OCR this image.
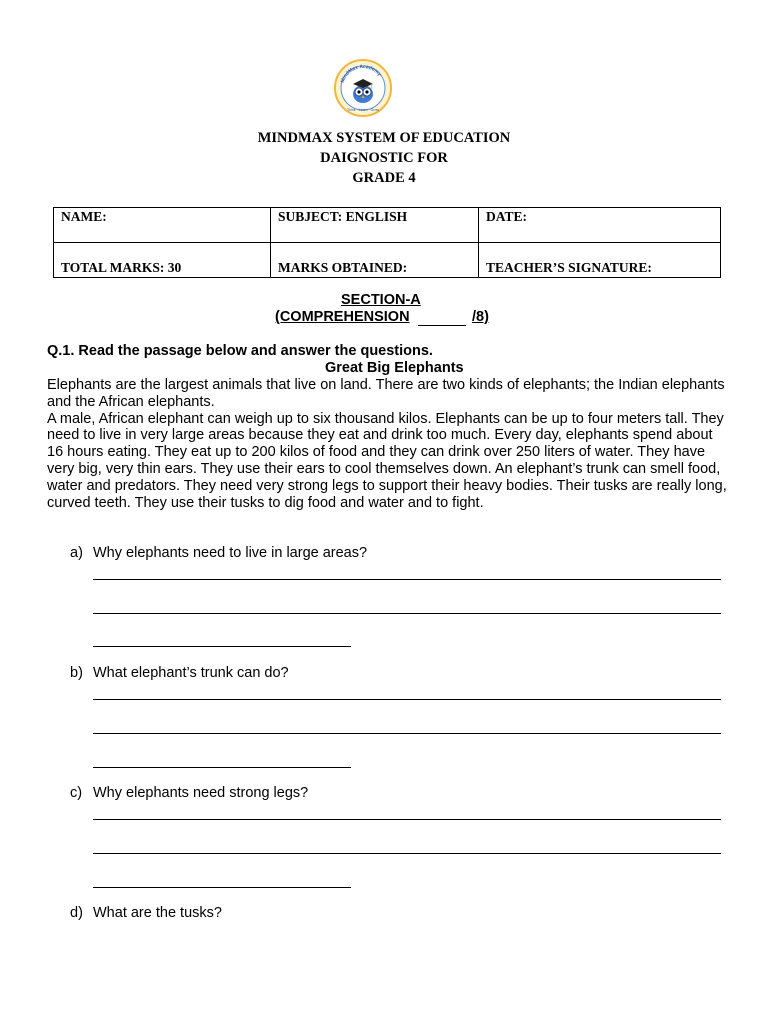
MindMax Academy
Think · Learn · Grow
MINDMAX SYSTEM OF EDUCATION
DAIGNOSTIC FOR
GRADE 4
NAME:	SUBJECT: ENGLISH	DATE:
TOTAL MARKS: 30	MARKS OBTAINED:	TEACHER’S SIGNATURE:
SECTION-A
(COMPREHENSION	/8)
Q.1. Read the passage below and answer the questions.
Great Big Elephants

Elephants are the largest animals that live on land. There are two kinds of elephants; the Indian elephants and the African elephants.

A male, African elephant can weigh up to six thousand kilos. Elephants can be up to four meters tall. They need to live in very large areas because they eat and drink too much. Every day, elephants spend about 16 hours eating. They eat up to 200 kilos of food and they can drink over 250 liters of water. They have very big, very thin ears. They use their ears to cool themselves down. An elephant’s trunk can smell food, water and predators. They need very strong legs to support their heavy bodies. Their tusks are really long, curved teeth. They use their tusks to dig food and water and to fight.

a) Why elephants need to live in large areas?
b) What elephant’s trunk can do?
c) Why elephants need strong legs?
d) What are the tusks?
